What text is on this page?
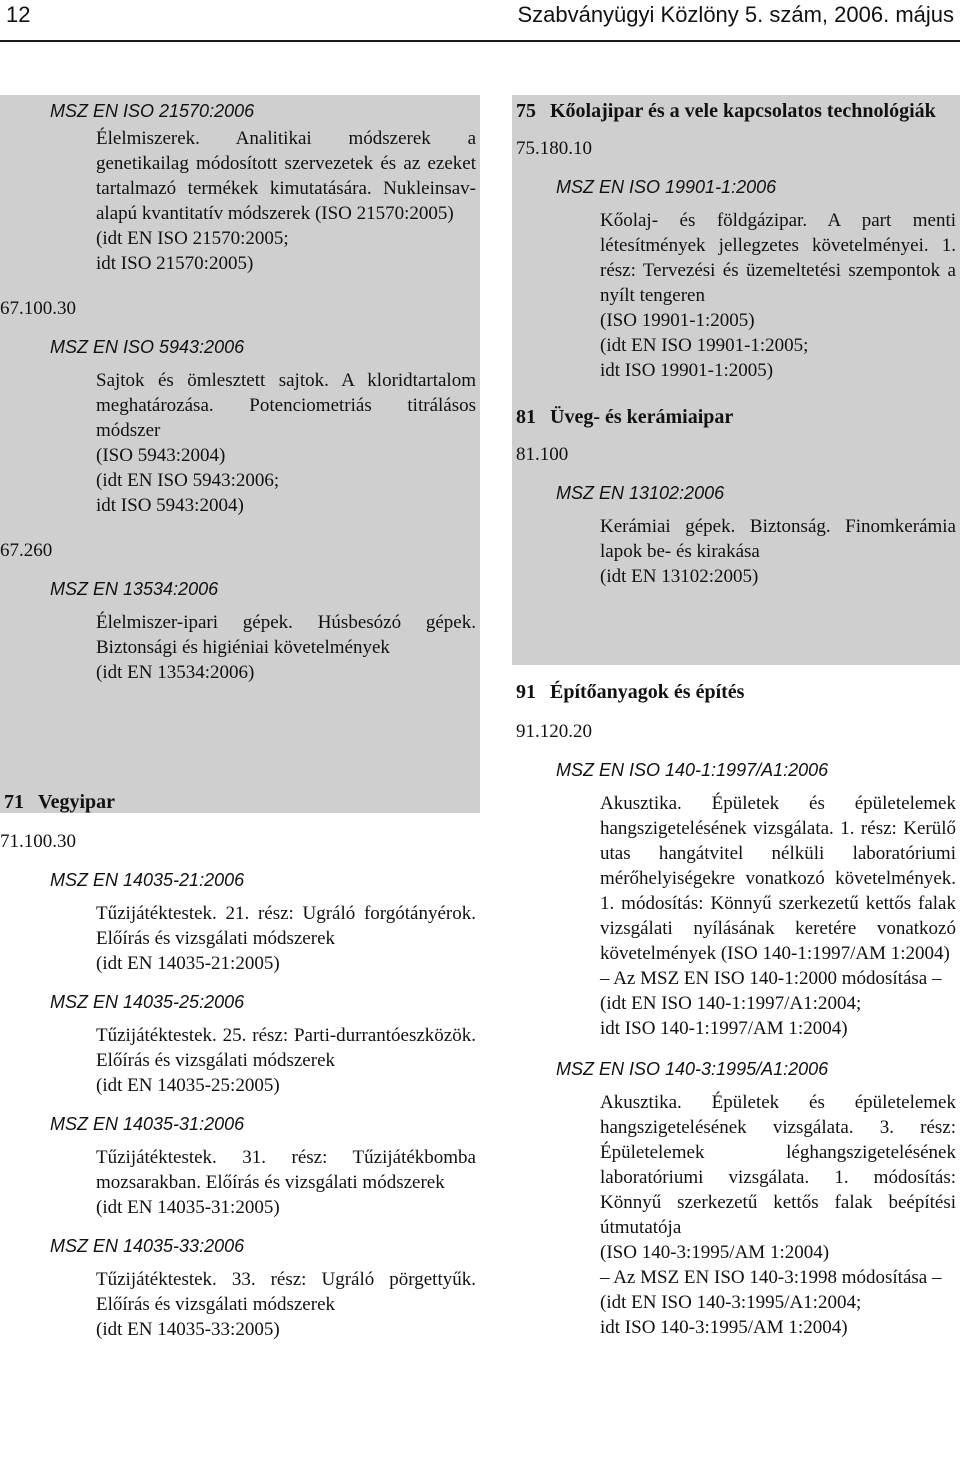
12	Szabványügyi Közlöny 5. szám, 2006. május
MSZ EN ISO 21570:2006

Élelmiszerek. Analitikai módszerek a genetikailag módosított szervezetek és az ezeket tartalmazó termékek kimutatására. Nukleinsav-alapú kvantitatív módszerek (ISO 21570:2005)

(idt EN ISO 21570:2005;

idt ISO 21570:2005)

67.100.30
MSZ EN ISO 5943:2006

Sajtok és ömlesztett sajtok. A kloridtartalom meghatározása. Potenciometriás titrálásos módszer

(ISO 5943:2004)

(idt EN ISO 5943:2006;

idt ISO 5943:2004)

67.260
MSZ EN 13534:2006

Élelmiszer-ipari gépek. Húsbesózó gépek. Biztonsági és higiéniai követelmények

(idt EN 13534:2006)

71 Vegyipar
71.100.30
MSZ EN 14035-21:2006

Tűzijátéktestek. 21. rész: Ugráló forgótányérok. Előírás és vizsgálati módszerek

(idt EN 14035-21:2005)

MSZ EN 14035-25:2006

Tűzijátéktestek. 25. rész: Parti-durrantóeszközök. Előírás és vizsgálati módszerek

(idt EN 14035-25:2005)

MSZ EN 14035-31:2006

Tűzijátéktestek. 31. rész: Tűzijátékbomba mozsarakban. Előírás és vizsgálati módszerek

(idt EN 14035-31:2005)

MSZ EN 14035-33:2006

Tűzijátéktestek. 33. rész: Ugráló pörgettyűk. Előírás és vizsgálati módszerek

(idt EN 14035-33:2005)

75 Kőolajipar és a vele kapcsolatos technológiák
75.180.10
MSZ EN ISO 19901-1:2006

Kőolaj- és földgázipar. A part menti létesítmények jellegzetes követelményei. 1. rész: Tervezési és üzemeltetési szempontok a nyílt tengeren

(ISO 19901-1:2005)

(idt EN ISO 19901-1:2005;

idt ISO 19901-1:2005)

81 Üveg- és kerámiaipar
81.100
MSZ EN 13102:2006

Kerámiai gépek. Biztonság. Finomkerámia lapok be- és kirakása

(idt EN 13102:2005)

91 Építőanyagok és építés
91.120.20
MSZ EN ISO 140-1:1997/A1:2006

Akusztika. Épületek és épületelemek hangszigetelésének vizsgálata. 1. rész: Kerülő utas hangátvitel nélküli laboratóriumi mérőhelyiségekre vonatkozó követelmények. 1. módosítás: Könnyű szerkezetű kettős falak vizsgálati nyílásának keretére vonatkozó követelmények (ISO 140-1:1997/AM 1:2004)

– Az MSZ EN ISO 140-1:2000 módosítása –

(idt EN ISO 140-1:1997/A1:2004;

idt ISO 140-1:1997/AM 1:2004)

MSZ EN ISO 140-3:1995/A1:2006

Akusztika. Épületek és épületelemek hangszigetelésének vizsgálata. 3. rész: Épületelemek léghangszigetelésének laboratóriumi vizsgálata. 1. módosítás: Könnyű szerkezetű kettős falak beépítési útmutatója

(ISO 140-3:1995/AM 1:2004)

– Az MSZ EN ISO 140-3:1998 módosítása –

(idt EN ISO 140-3:1995/A1:2004;

idt ISO 140-3:1995/AM 1:2004)
